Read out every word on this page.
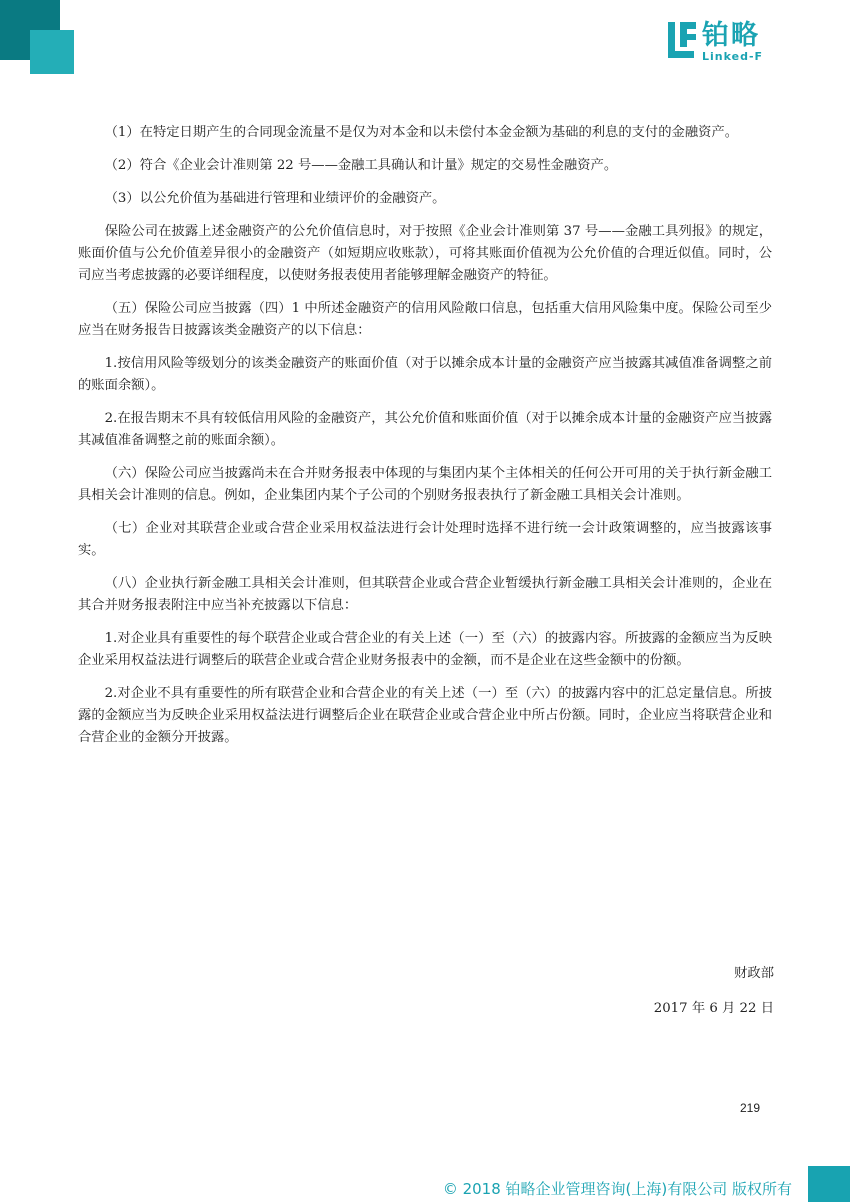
铂略
Linked-F

（1）在特定日期产生的合同现金流量不是仅为对本金和以未偿付本金金额为基础的利息的支付的金融资产。

（2）符合《企业会计准则第 22 号——金融工具确认和计量》规定的交易性金融资产。

（3）以公允价值为基础进行管理和业绩评价的金融资产。

保险公司在披露上述金融资产的公允价值信息时，对于按照《企业会计准则第 37 号——金融工具列报》的规定，账面价值与公允价值差异很小的金融资产（如短期应收账款），可将其账面价值视为公允价值的合理近似值。同时，公司应当考虑披露的必要详细程度，以使财务报表使用者能够理解金融资产的特征。

（五）保险公司应当披露（四）1 中所述金融资产的信用风险敞口信息，包括重大信用风险集中度。保险公司至少应当在财务报告日披露该类金融资产的以下信息：

1.按信用风险等级划分的该类金融资产的账面价值（对于以摊余成本计量的金融资产应当披露其减值准备调整之前的账面余额）。

2.在报告期末不具有较低信用风险的金融资产，其公允价值和账面价值（对于以摊余成本计量的金融资产应当披露其减值准备调整之前的账面余额）。

（六）保险公司应当披露尚未在合并财务报表中体现的与集团内某个主体相关的任何公开可用的关于执行新金融工具相关会计准则的信息。例如，企业集团内某个子公司的个别财务报表执行了新金融工具相关会计准则。

（七）企业对其联营企业或合营企业采用权益法进行会计处理时选择不进行统一会计政策调整的，应当披露该事实。

（八）企业执行新金融工具相关会计准则，但其联营企业或合营企业暂缓执行新金融工具相关会计准则的，企业在其合并财务报表附注中应当补充披露以下信息：

1.对企业具有重要性的每个联营企业或合营企业的有关上述（一）至（六）的披露内容。所披露的金额应当为反映企业采用权益法进行调整后的联营企业或合营企业财务报表中的金额，而不是企业在这些金额中的份额。

2.对企业不具有重要性的所有联营企业和合营企业的有关上述（一）至（六）的披露内容中的汇总定量信息。所披露的金额应当为反映企业采用权益法进行调整后企业在联营企业或合营企业中所占份额。同时，企业应当将联营企业和合营企业的金额分开披露。

财政部
2017 年 6 月 22 日
219
© 2018 铂略企业管理咨询(上海)有限公司 版权所有
